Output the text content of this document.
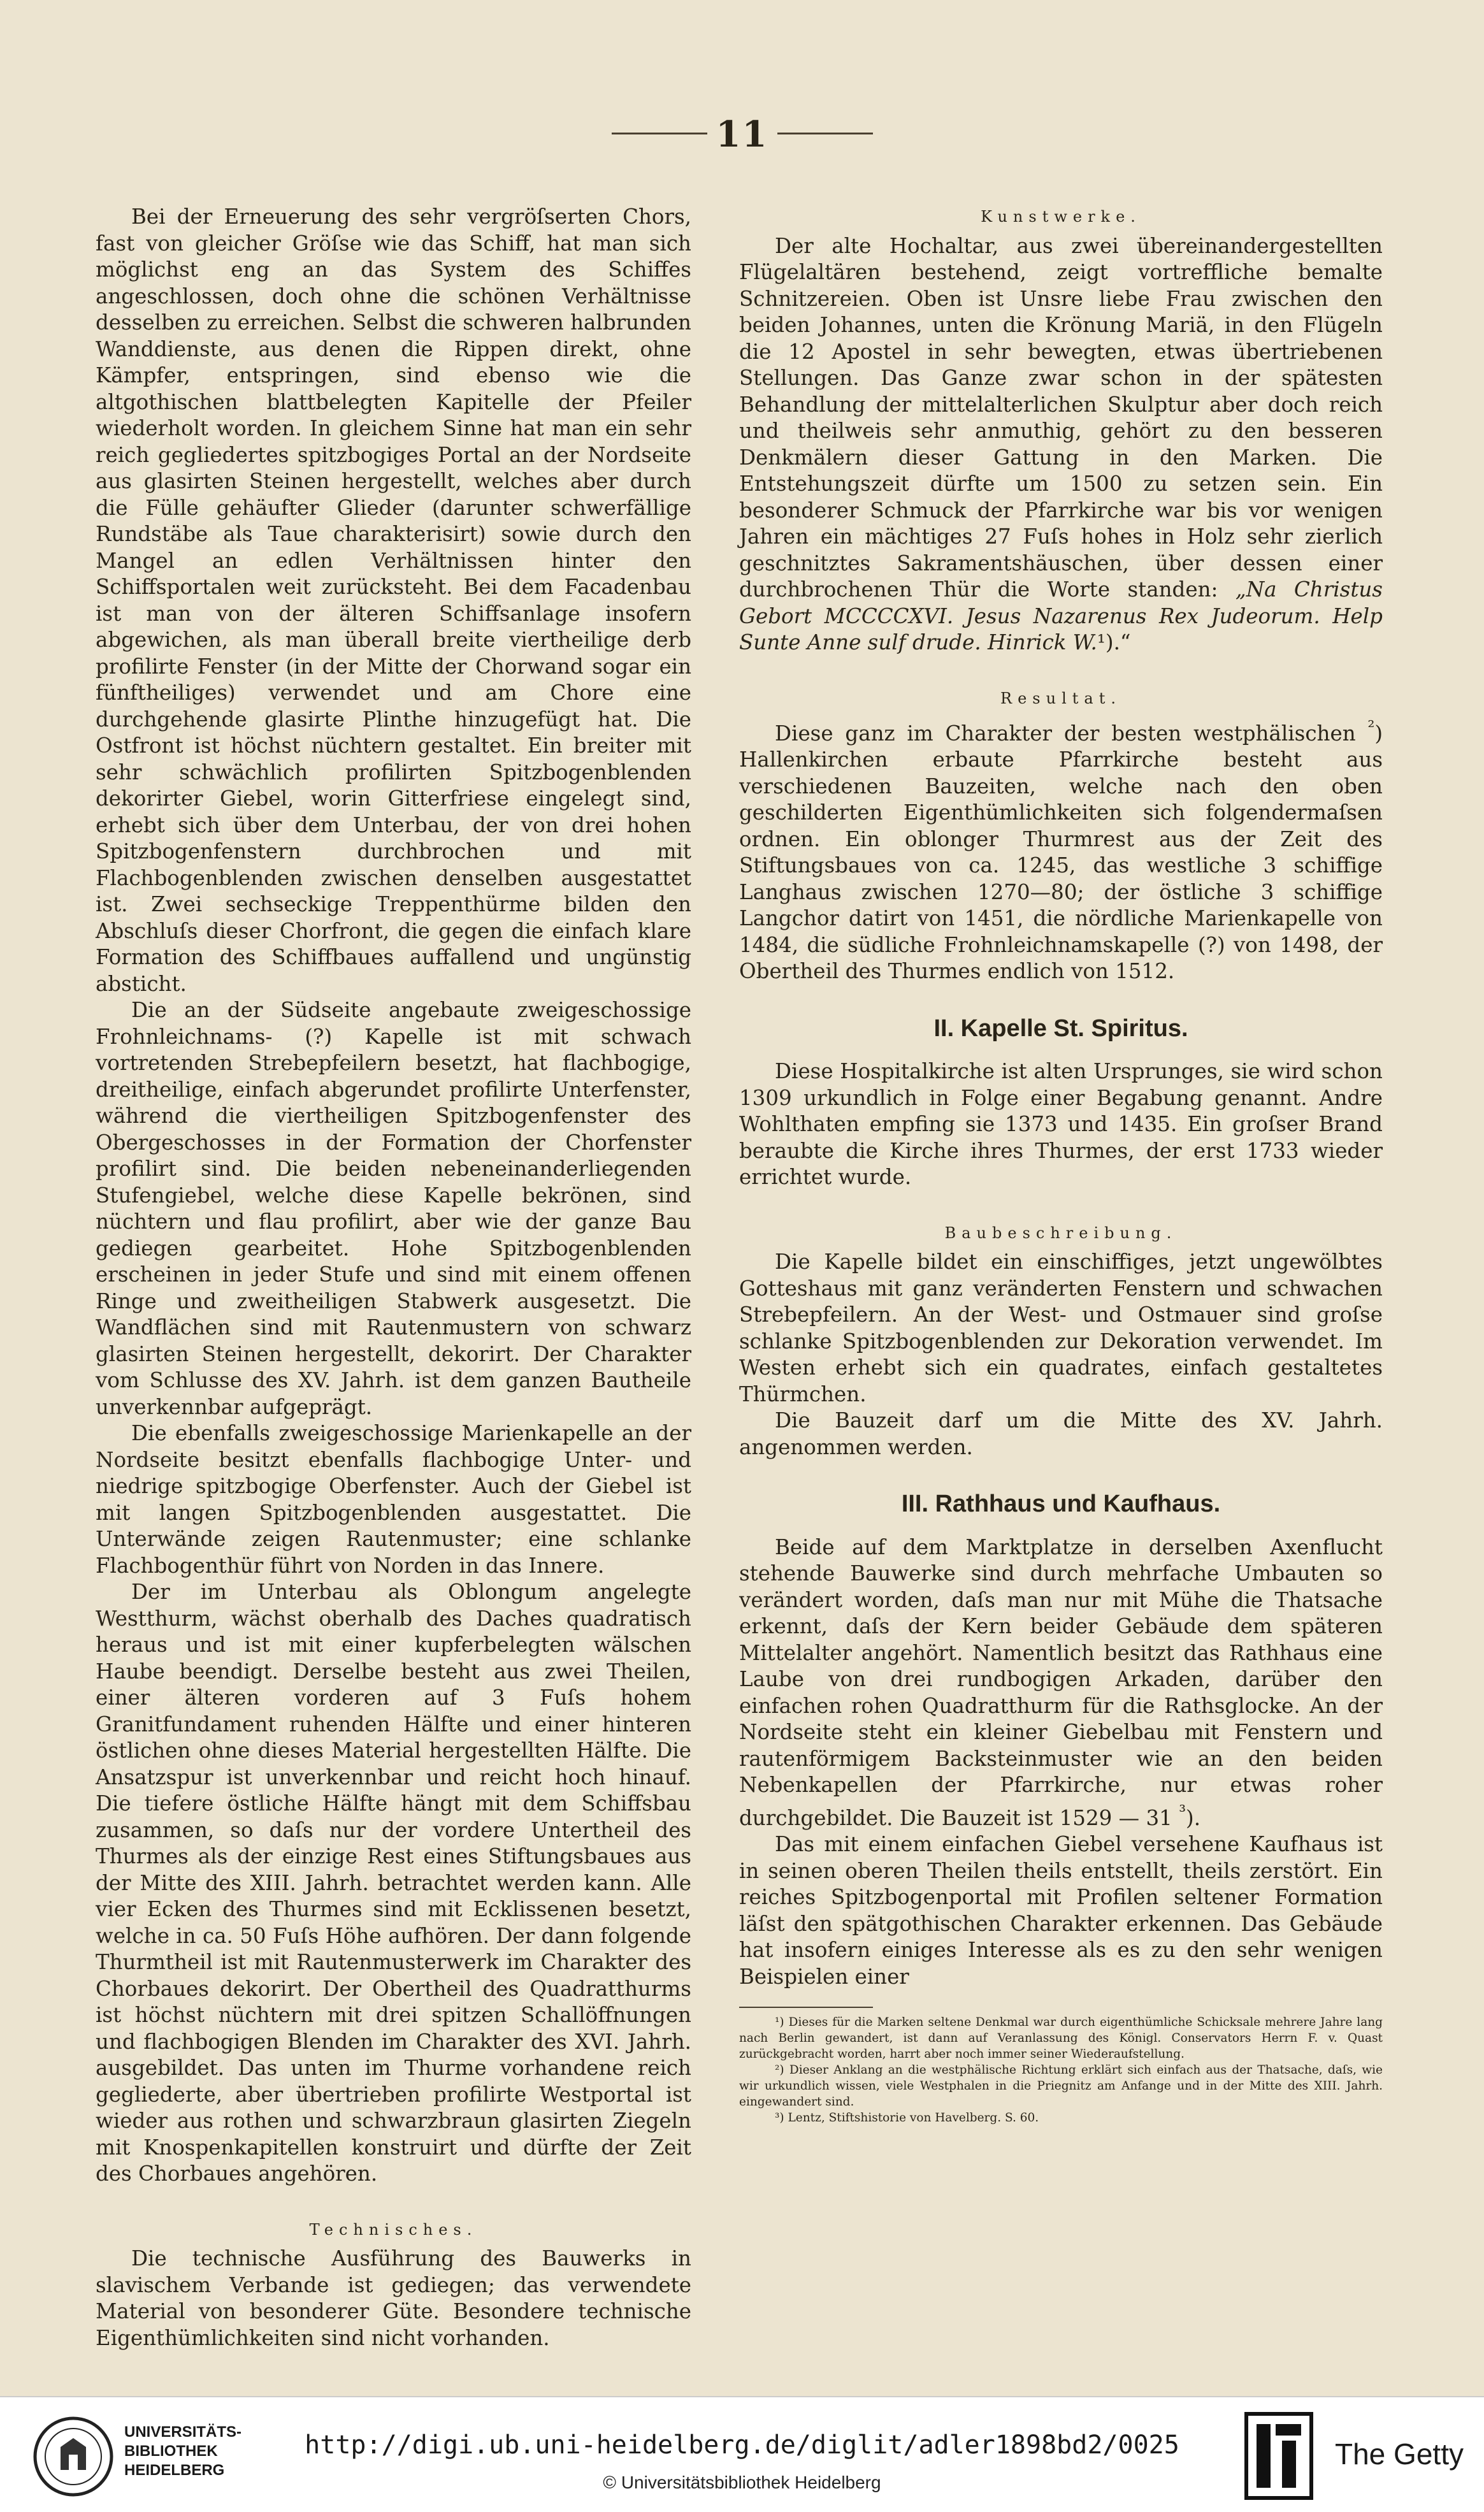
11

Bei der Erneuerung des sehr vergröſserten Chors, fast von gleicher Gröſse wie das Schiff, hat man sich möglichst eng an das System des Schiffes angeschlossen, doch ohne die schönen Verhältnisse desselben zu erreichen. Selbst die schweren halbrunden Wanddienste, aus denen die Rippen direkt, ohne Kämpfer, entspringen, sind ebenso wie die altgothischen blattbelegten Kapitelle der Pfeiler wiederholt worden. In gleichem Sinne hat man ein sehr reich gegliedertes spitzbogiges Portal an der Nordseite aus glasirten Steinen hergestellt, welches aber durch die Fülle gehäufter Glieder (darunter schwerfällige Rundstäbe als Taue charakterisirt) sowie durch den Mangel an edlen Verhältnissen hinter den Schiffsportalen weit zurücksteht. Bei dem Facadenbau ist man von der älteren Schiffsanlage insofern abgewichen, als man überall breite viertheilige derb profilirte Fenster (in der Mitte der Chorwand sogar ein fünftheiliges) verwendet und am Chore eine durchgehende glasirte Plinthe hinzugefügt hat. Die Ostfront ist höchst nüchtern gestaltet. Ein breiter mit sehr schwächlich profilirten Spitzbogenblenden dekorirter Giebel, worin Gitterfriese eingelegt sind, erhebt sich über dem Unterbau, der von drei hohen Spitzbogenfenstern durchbrochen und mit Flachbogenblenden zwischen denselben ausgestattet ist. Zwei sechseckige Treppenthürme bilden den Abschluſs dieser Chorfront, die gegen die einfach klare Formation des Schiffbaues auffallend und ungünstig absticht.

Die an der Südseite angebaute zweigeschossige Frohnleichnams- (?) Kapelle ist mit schwach vortretenden Strebepfeilern besetzt, hat flachbogige, dreitheilige, einfach abgerundet profilirte Unterfenster, während die viertheiligen Spitzbogenfenster des Obergeschosses in der Formation der Chorfenster profilirt sind. Die beiden nebeneinanderliegenden Stufengiebel, welche diese Kapelle bekrönen, sind nüchtern und flau profilirt, aber wie der ganze Bau gediegen gearbeitet. Hohe Spitzbogenblenden erscheinen in jeder Stufe und sind mit einem offenen Ringe und zweitheiligen Stabwerk ausgesetzt. Die Wandflächen sind mit Rautenmustern von schwarz glasirten Steinen hergestellt, dekorirt. Der Charakter vom Schlusse des XV. Jahrh. ist dem ganzen Bautheile unverkennbar aufgeprägt.

Die ebenfalls zweigeschossige Marienkapelle an der Nordseite besitzt ebenfalls flachbogige Unter- und niedrige spitzbogige Oberfenster. Auch der Giebel ist mit langen Spitzbogenblenden ausgestattet. Die Unterwände zeigen Rautenmuster; eine schlanke Flachbogenthür führt von Norden in das Innere.

Der im Unterbau als Oblongum angelegte Westthurm, wächst oberhalb des Daches quadratisch heraus und ist mit einer kupferbelegten wälschen Haube beendigt. Derselbe besteht aus zwei Theilen, einer älteren vorderen auf 3 Fuſs hohem Granitfundament ruhenden Hälfte und einer hinteren östlichen ohne dieses Material hergestellten Hälfte. Die Ansatzspur ist unverkennbar und reicht hoch hinauf. Die tiefere östliche Hälfte hängt mit dem Schiffsbau zusammen, so daſs nur der vordere Untertheil des Thurmes als der einzige Rest eines Stiftungsbaues aus der Mitte des XIII. Jahrh. betrachtet werden kann. Alle vier Ecken des Thurmes sind mit Ecklissenen besetzt, welche in ca. 50 Fuſs Höhe aufhören. Der dann folgende Thurmtheil ist mit Rautenmusterwerk im Charakter des Chorbaues dekorirt. Der Obertheil des Quadratthurms ist höchst nüchtern mit drei spitzen Schallöffnungen und flachbogigen Blenden im Charakter des XVI. Jahrh. ausgebildet. Das unten im Thurme vorhandene reich gegliederte, aber übertrieben profilirte Westportal ist wieder aus rothen und schwarzbraun glasirten Ziegeln mit Knospenkapitellen konstruirt und dürfte der Zeit des Chorbaues angehören.

Technisches.

Die technische Ausführung des Bauwerks in slavischem Verbande ist gediegen; das verwendete Material von besonderer Güte. Besondere technische Eigenthümlichkeiten sind nicht vorhanden.

Kunstwerke.

Der alte Hochaltar, aus zwei übereinandergestellten Flügelaltären bestehend, zeigt vortreffliche bemalte Schnitzereien. Oben ist Unsre liebe Frau zwischen den beiden Johannes, unten die Krönung Mariä, in den Flügeln die 12 Apostel in sehr bewegten, etwas übertriebenen Stellungen. Das Ganze zwar schon in der spätesten Behandlung der mittelalterlichen Skulptur aber doch reich und theilweis sehr anmuthig, gehört zu den besseren Denkmälern dieser Gattung in den Marken. Die Entstehungszeit dürfte um 1500 zu setzen sein. Ein besonderer Schmuck der Pfarrkirche war bis vor wenigen Jahren ein mächtiges 27 Fuſs hohes in Holz sehr zierlich geschnitztes Sakramentshäuschen, über dessen einer durchbrochenen Thür die Worte standen: „Na Christus Gebort MCCCCXVI. Jesus Nazarenus Rex Judeorum. Help Sunte Anne sulf drude. Hinrick W.¹).“

Resultat.

Diese ganz im Charakter der besten westphälischen $^{^2}$) Hallenkirchen erbaute Pfarrkirche besteht aus verschiedenen Bauzeiten, welche nach den oben geschilderten Eigenthümlichkeiten sich folgendermaſsen ordnen. Ein oblonger Thurmrest aus der Zeit des Stiftungsbaues von ca. 1245, das westliche 3 schiffige Langhaus zwischen 1270—80; der östliche 3 schiffige Langchor datirt von 1451, die nördliche Marienkapelle von 1484, die südliche Frohnleichnamskapelle (?) von 1498, der Obertheil des Thurmes endlich von 1512.

II. Kapelle St. Spiritus.

Diese Hospitalkirche ist alten Ursprunges, sie wird schon 1309 urkundlich in Folge einer Begabung genannt. Andre Wohlthaten empfing sie 1373 und 1435. Ein groſser Brand beraubte die Kirche ihres Thurmes, der erst 1733 wieder errichtet wurde.

Baubeschreibung.

Die Kapelle bildet ein einschiffiges, jetzt ungewölbtes Gotteshaus mit ganz veränderten Fenstern und schwachen Strebepfeilern. An der West- und Ostmauer sind groſse schlanke Spitzbogenblenden zur Dekoration verwendet. Im Westen erhebt sich ein quadrates, einfach gestaltetes Thürmchen.

Die Bauzeit darf um die Mitte des XV. Jahrh. angenommen werden.

III. Rathhaus und Kaufhaus.

Beide auf dem Marktplatze in derselben Axenflucht stehende Bauwerke sind durch mehrfache Umbauten so verändert worden, daſs man nur mit Mühe die Thatsache erkennt, daſs der Kern beider Gebäude dem späteren Mittelalter angehört. Namentlich besitzt das Rathhaus eine Laube von drei rundbogigen Arkaden, darüber den einfachen rohen Quadratthurm für die Rathsglocke. An der Nordseite steht ein kleiner Giebelbau mit Fenstern und rautenförmigem Backsteinmuster wie an den beiden Nebenkapellen der Pfarrkirche, nur etwas roher durchgebildet. Die Bauzeit ist 1529 — 31 $^{^3}$).

Das mit einem einfachen Giebel versehene Kaufhaus ist in seinen oberen Theilen theils entstellt, theils zerstört. Ein reiches Spitzbogenportal mit Profilen seltener Formation läſst den spätgothischen Charakter erkennen. Das Gebäude hat insofern einiges Interesse als es zu den sehr wenigen Beispielen einer

¹) Dieses für die Marken seltene Denkmal war durch eigenthümliche Schicksale mehrere Jahre lang nach Berlin gewandert, ist dann auf Veranlassung des Königl. Conservators Herrn F. v. Quast zurückgebracht worden, harrt aber noch immer seiner Wiederaufstellung.

²) Dieser Anklang an die westphälische Richtung erklärt sich einfach aus der Thatsache, daſs, wie wir urkundlich wissen, viele Westphalen in die Priegnitz am Anfange und in der Mitte des XIII. Jahrh. eingewandert sind.

³) Lentz, Stiftshistorie von Havelberg. S. 60.

UNIVERSITÄTS-
BIBLIOTHEK
HEIDELBERG
http://digi.ub.uni-heidelberg.de/diglit/adler1898bd2/0025
© Universitätsbibliothek Heidelberg
The Getty
